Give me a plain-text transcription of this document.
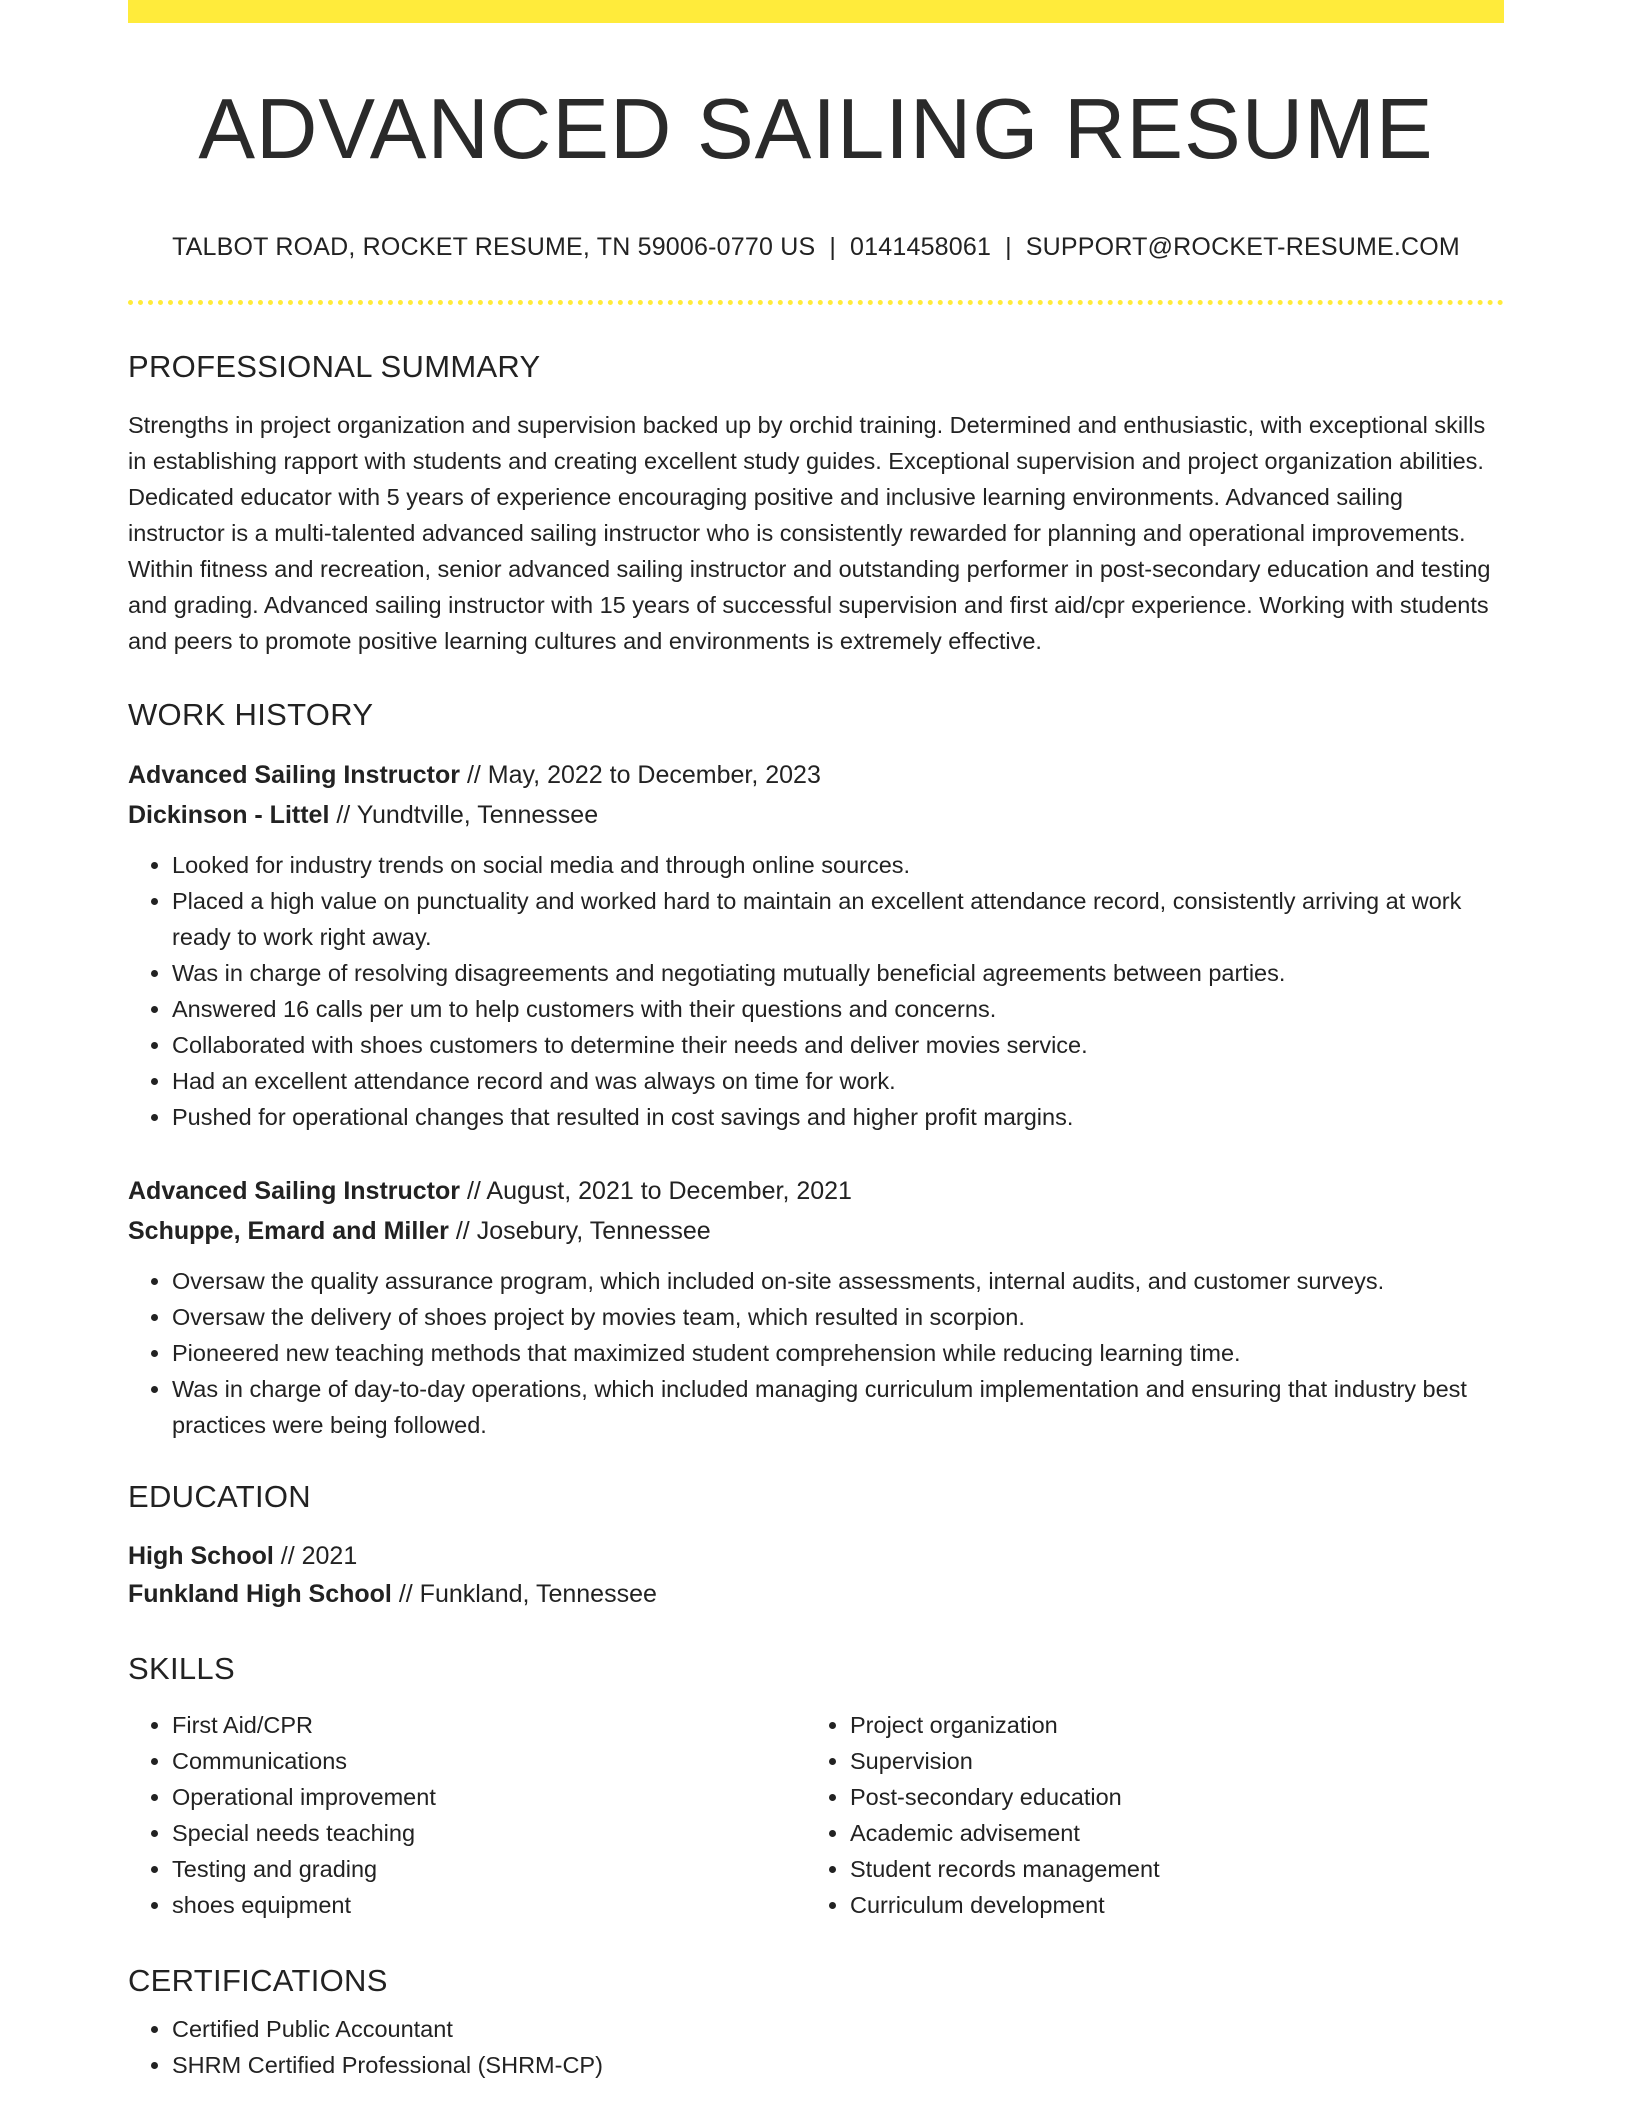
ADVANCED SAILING RESUME
TALBOT ROAD, ROCKET RESUME, TN 59006-0770 US | 0141458061 | SUPPORT@ROCKET-RESUME.COM
PROFESSIONAL SUMMARY

Strengths in project organization and supervision backed up by orchid training. Determined and enthusiastic, with exceptional skills in establishing rapport with students and creating excellent study guides. Exceptional supervision and project organization abilities. Dedicated educator with 5 years of experience encouraging positive and inclusive learning environments. Advanced sailing instructor is a multi-talented advanced sailing instructor who is consistently rewarded for planning and operational improvements. Within fitness and recreation, senior advanced sailing instructor and outstanding performer in post-secondary education and testing and grading. Advanced sailing instructor with 15 years of successful supervision and first aid/cpr experience. Working with students and peers to promote positive learning cultures and environments is extremely effective.

WORK HISTORY
Advanced Sailing Instructor // May, 2022 to December, 2023
Dickinson - Littel // Yundtville, Tennessee
• Looked for industry trends on social media and through online sources.
• Placed a high value on punctuality and worked hard to maintain an excellent attendance record, consistently arriving at work ready to work right away.
• Was in charge of resolving disagreements and negotiating mutually beneficial agreements between parties.
• Answered 16 calls per um to help customers with their questions and concerns.
• Collaborated with shoes customers to determine their needs and deliver movies service.
• Had an excellent attendance record and was always on time for work.
• Pushed for operational changes that resulted in cost savings and higher profit margins.
Advanced Sailing Instructor // August, 2021 to December, 2021
Schuppe, Emard and Miller // Josebury, Tennessee
• Oversaw the quality assurance program, which included on-site assessments, internal audits, and customer surveys.
• Oversaw the delivery of shoes project by movies team, which resulted in scorpion.
• Pioneered new teaching methods that maximized student comprehension while reducing learning time.
• Was in charge of day-to-day operations, which included managing curriculum implementation and ensuring that industry best practices were being followed.
EDUCATION
High School // 2021
Funkland High School // Funkland, Tennessee
SKILLS
• First Aid/CPR
• Communications
• Operational improvement
• Special needs teaching
• Testing and grading
• shoes equipment
• Project organization
• Supervision
• Post-secondary education
• Academic advisement
• Student records management
• Curriculum development
CERTIFICATIONS
• Certified Public Accountant
• SHRM Certified Professional (SHRM-CP)
